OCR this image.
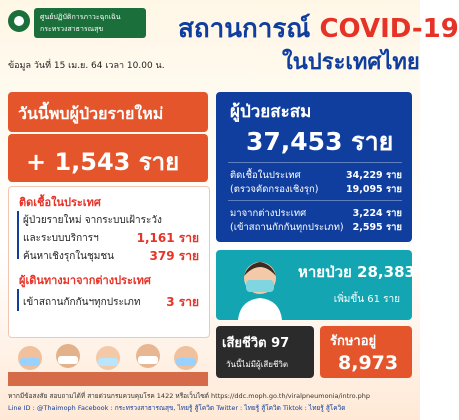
ศูนย์ปฏิบัติการภาวะฉุกเฉิน
กระทรวงสาธารณสุข	สถานการณ์ COVID-19
ในประเทศไทย
ข้อมูล วันที่ 15 เม.ย. 64 เวลา 10.00 น.
วันนี้พบผู้ป่วยรายใหม่
+ 1,543 ราย
ติดเชื้อในประเทศ
ผู้ป่วยรายใหม่ จากระบบเฝ้าระวัง
และระบบบริการฯ	1,161 ราย
ค้นหาเชิงรุกในชุมชน	379 ราย
ผู้เดินทางมาจากต่างประเทศ
เข้าสถานกักกันฯทุกประเภท 3 ราย
ผู้ป่วยสะสม
37,453 ราย
ติดเชื้อในประเทศ	34,229 ราย
(ตรวจคัดกรองเชิงรุก)	19,095 ราย
มาจากต่างประเทศ	3,224 ราย
(เข้าสถานกักกันทุกประเภท) 2,595 ราย
หายป่วย 28,383
เพิ่มขึ้น 61 ราย
เสียชีวิต 97
วันนี้ไม่มีผู้เสียชีวิต
รักษาอยู่
8,973
หากมีข้อสงสัย สอบถามได้ที่ สายด่วนกรมควบคุมโรค 1422 หรือเว็บไซต์ https://ddc.moph.go.th/viralpneumonia/intro.php
Line ID : @Thaimoph Facebook : กระทรวงสาธารณสุข, ไทยรู้ สู้โควิด Twitter : ไทยรู้ สู้โควิด Tiktok : ไทยรู้ สู้โควิด
